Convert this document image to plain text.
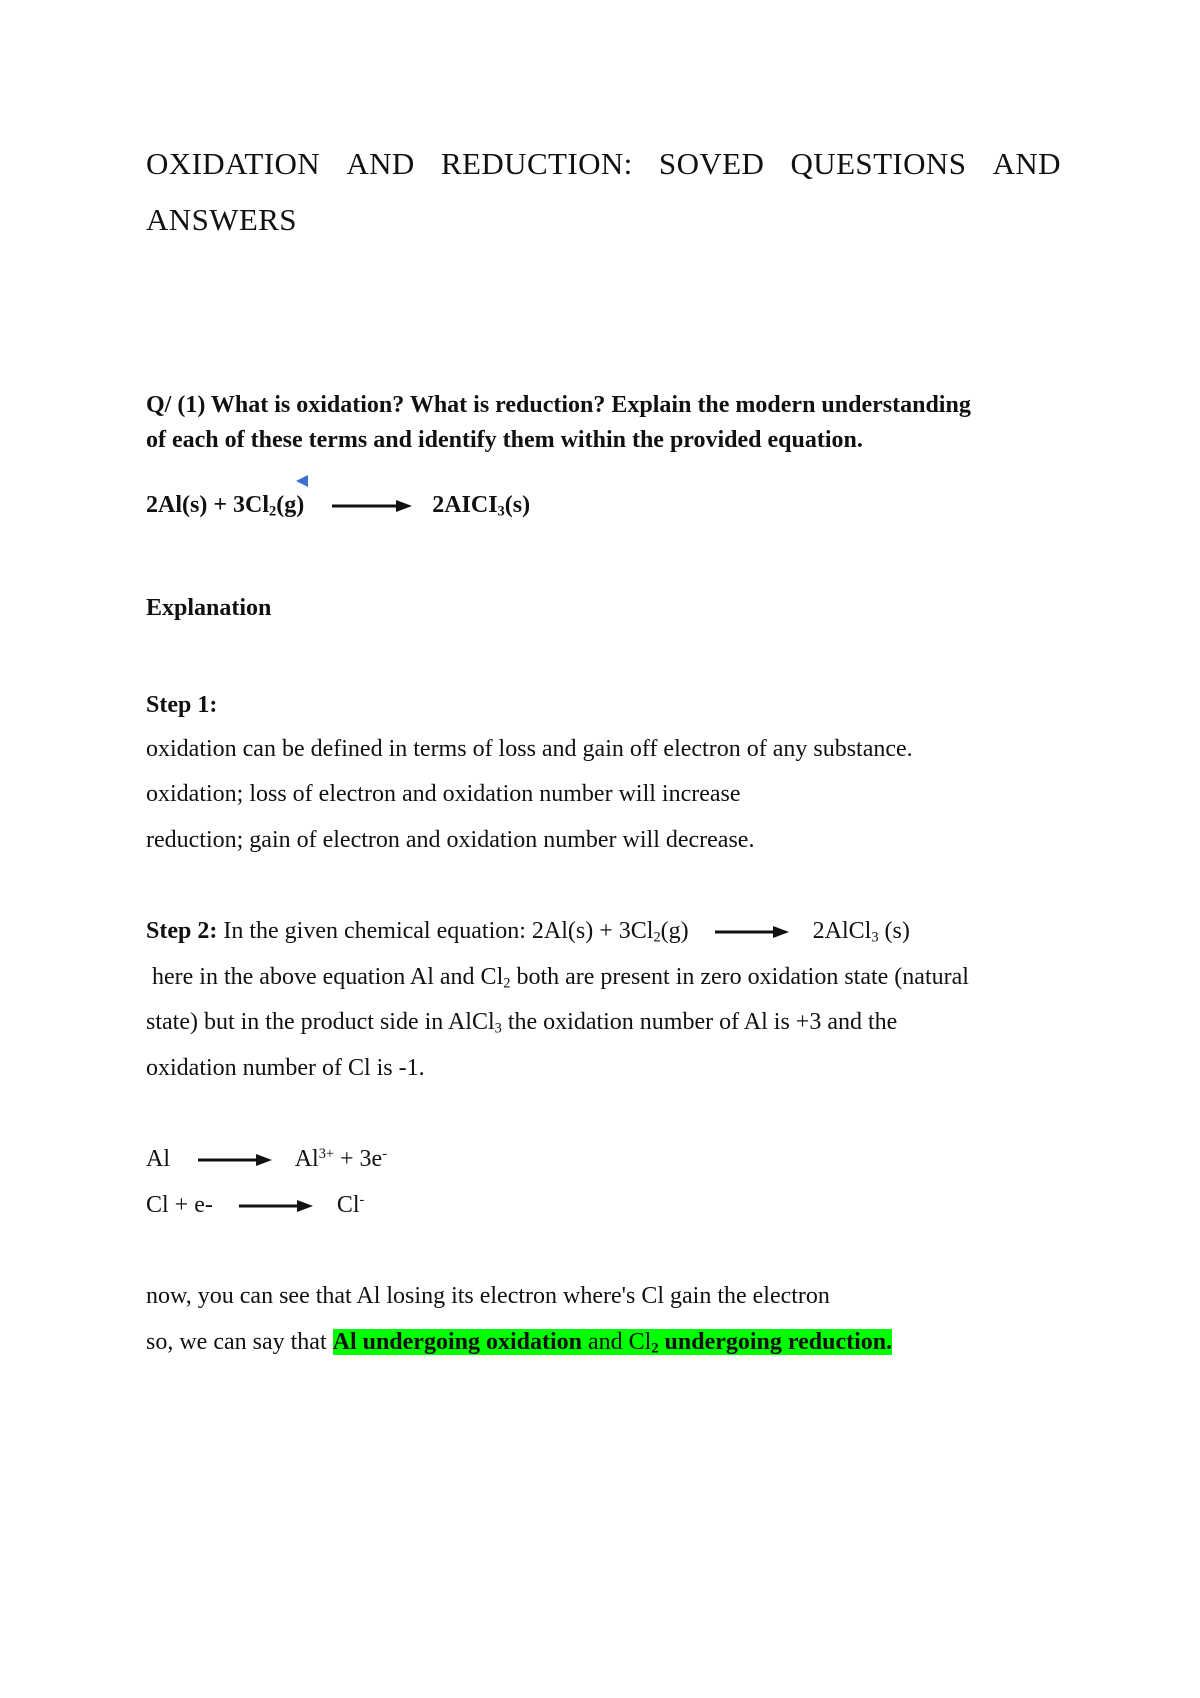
OXIDATION AND REDUCTION: SOVED QUESTIONS AND
ANSWERS
Q/ (1) What is oxidation? What is reduction? Explain the modern understanding
of each of these terms and identify them within the provided equation.
$2Al(s) + 3Cl_2(g)$ → $2AICI_3(s)$
Explanation
Step 1:
oxidation can be defined in terms of loss and gain off electron of any substance.
oxidation; loss of electron and oxidation number will increase
reduction; gain of electron and oxidation number will decrease.
Step 2: In the given chemical equation: $2Al(s) + 3Cl_2(g)$ → 2AlCl$_3$ (s)
here in the above equation Al and $Cl_2$ both are present in zero oxidation state (natural
state) but in the product side in AlCl$_3$ the oxidation number of Al is +3 and the
oxidation number of Cl is -1.
$Al \to Al^{3+} + 3e^-$
Cl + e- → Cl-
now, you can see that Al losing its electron where's Cl gain the electron
so, we can say that Al undergoing oxidation and $Cl_2$ undergoing reduction.
